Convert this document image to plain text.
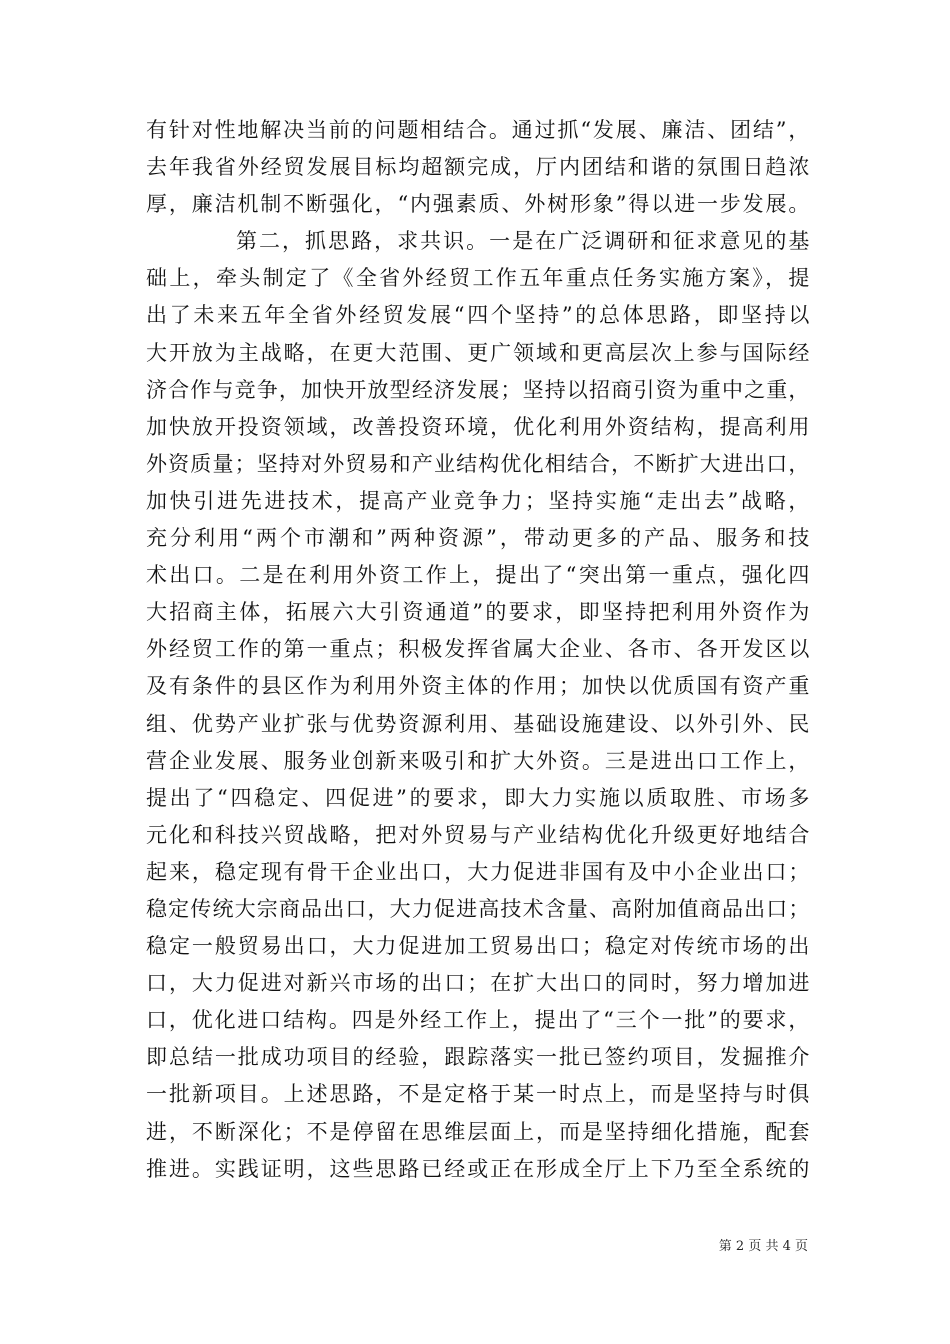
有针对性地解决当前的问题相结合。通过抓“发展、廉洁、团结”，
去年我省外经贸发展目标均超额完成，厅内团结和谐的氛围日趋浓
厚，廉洁机制不断强化，“内强素质、外树形象”得以进一步发展。
第二，抓思路，求共识。一是在广泛调研和征求意见的基
础上，牵头制定了《全省外经贸工作五年重点任务实施方案》，提
出了未来五年全省外经贸发展“四个坚持”的总体思路，即坚持以
大开放为主战略，在更大范围、更广领域和更高层次上参与国际经
济合作与竞争，加快开放型经济发展；坚持以招商引资为重中之重，
加快放开投资领域，改善投资环境，优化利用外资结构，提高利用
外资质量；坚持对外贸易和产业结构优化相结合，不断扩大进出口，
加快引进先进技术，提高产业竞争力；坚持实施“走出去”战略，
充分利用“两个市潮和”两种资源”，带动更多的产品、服务和技
术出口。二是在利用外资工作上，提出了“突出第一重点，强化四
大招商主体，拓展六大引资通道”的要求，即坚持把利用外资作为
外经贸工作的第一重点；积极发挥省属大企业、各市、各开发区以
及有条件的县区作为利用外资主体的作用；加快以优质国有资产重
组、优势产业扩张与优势资源利用、基础设施建设、以外引外、民
营企业发展、服务业创新来吸引和扩大外资。三是进出口工作上，
提出了“四稳定、四促进”的要求，即大力实施以质取胜、市场多
元化和科技兴贸战略，把对外贸易与产业结构优化升级更好地结合
起来，稳定现有骨干企业出口，大力促进非国有及中小企业出口；
稳定传统大宗商品出口，大力促进高技术含量、高附加值商品出口；
稳定一般贸易出口，大力促进加工贸易出口；稳定对传统市场的出
口，大力促进对新兴市场的出口；在扩大出口的同时，努力增加进
口，优化进口结构。四是外经工作上，提出了“三个一批”的要求，
即总结一批成功项目的经验，跟踪落实一批已签约项目，发掘推介
一批新项目。上述思路，不是定格于某一时点上，而是坚持与时俱
进，不断深化；不是停留在思维层面上，而是坚持细化措施，配套
推进。实践证明，这些思路已经或正在形成全厅上下乃至全系统的
第 2 页 共 4 页
